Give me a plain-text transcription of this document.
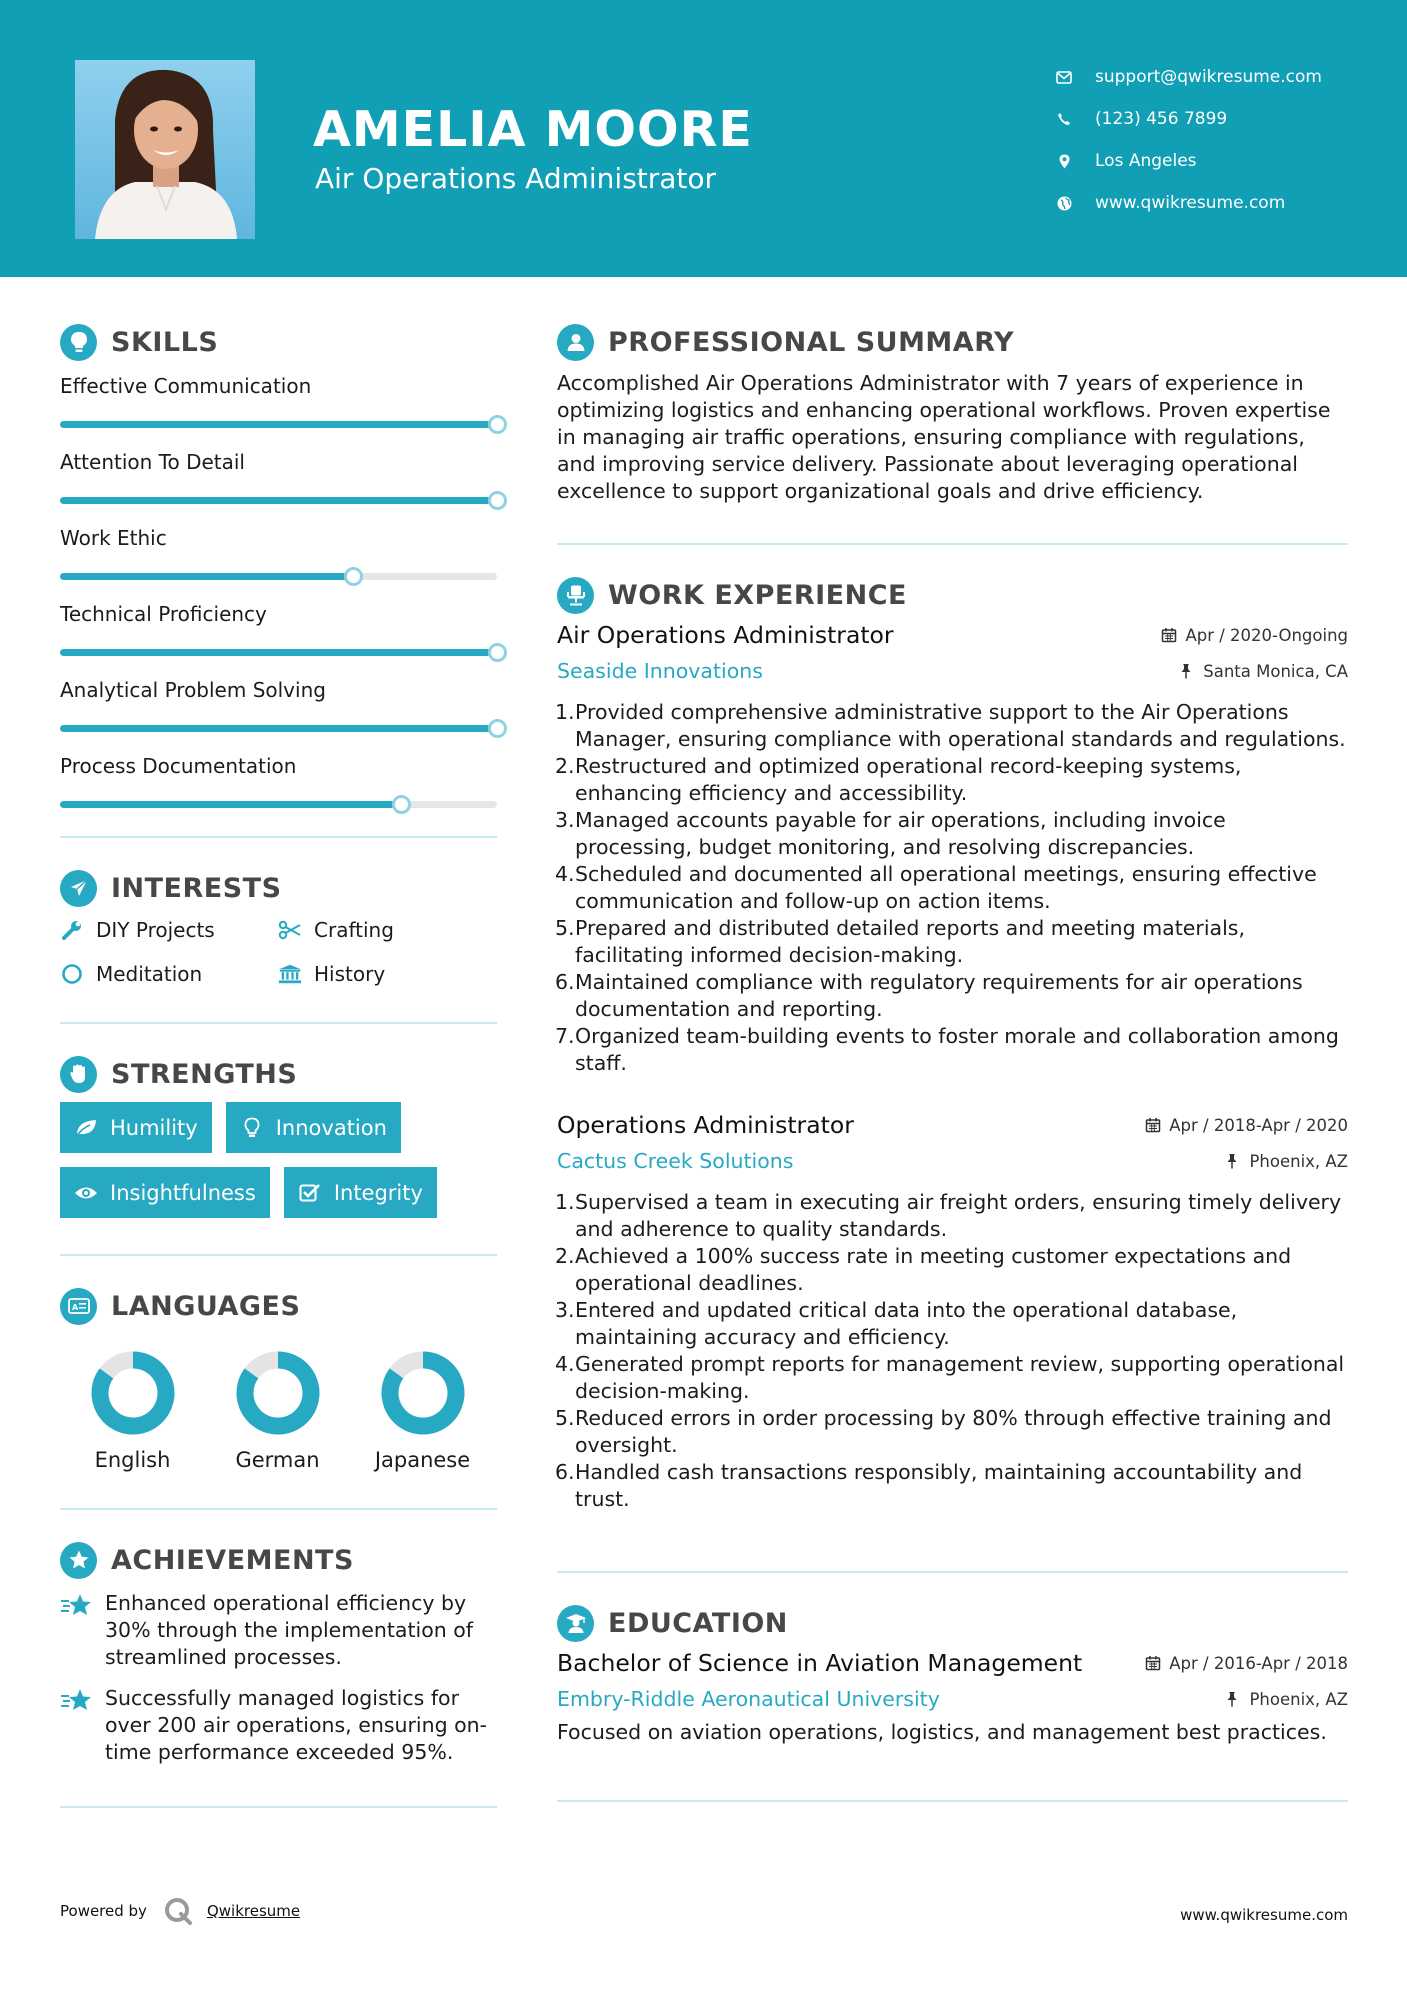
AMELIA MOORE
Air Operations Administrator
support@qwikresume.com
(123) 456 7899
Los Angeles
www.qwikresume.com
SKILLS
Effective Communication
Attention To Detail
Work Ethic
Technical Proficiency
Analytical Problem Solving
Process Documentation
INTERESTS
DIY Projects	Crafting
Meditation	History
STRENGTHS
Humility	Innovation
Insightfulness	Integrity
A LANGUAGES
English	German	Japanese
ACHIEVEMENTS
Enhanced operational efficiency by 30% through the implementation of streamlined processes.
Successfully managed logistics for over 200 air operations, ensuring on-time performance exceeded 95%.
PROFESSIONAL SUMMARY
Accomplished Air Operations Administrator with 7 years of experience in optimizing logistics and enhancing operational workflows. Proven expertise in managing air traffic operations, ensuring compliance with regulations, and improving service delivery. Passionate about leveraging operational excellence to support organizational goals and drive efficiency.
WORK EXPERIENCE
Air Operations Administrator	Apr / 2020-Ongoing
Seaside Innovations	Santa Monica, CA
1. Provided comprehensive administrative support to the Air Operations Manager, ensuring compliance with operational standards and regulations.
2. Restructured and optimized operational record-keeping systems, enhancing efficiency and accessibility.
3. Managed accounts payable for air operations, including invoice processing, budget monitoring, and resolving discrepancies.
4. Scheduled and documented all operational meetings, ensuring effective communication and follow-up on action items.
5. Prepared and distributed detailed reports and meeting materials, facilitating informed decision-making.
6. Maintained compliance with regulatory requirements for air operations documentation and reporting.
7. Organized team-building events to foster morale and collaboration among staff.
Operations Administrator	Apr / 2018-Apr / 2020
Cactus Creek Solutions	Phoenix, AZ
1. Supervised a team in executing air freight orders, ensuring timely delivery and adherence to quality standards.
2. Achieved a 100% success rate in meeting customer expectations and operational deadlines.
3. Entered and updated critical data into the operational database, maintaining accuracy and efficiency.
4. Generated prompt reports for management review, supporting operational decision-making.
5. Reduced errors in order processing by 80% through effective training and oversight.
6. Handled cash transactions responsibly, maintaining accountability and trust.
EDUCATION
Bachelor of Science in Aviation Management	Apr / 2016-Apr / 2018
Embry-Riddle Aeronautical University	Phoenix, AZ
Focused on aviation operations, logistics, and management best practices.
Powered by	Qwikresume	www.qwikresume.com
